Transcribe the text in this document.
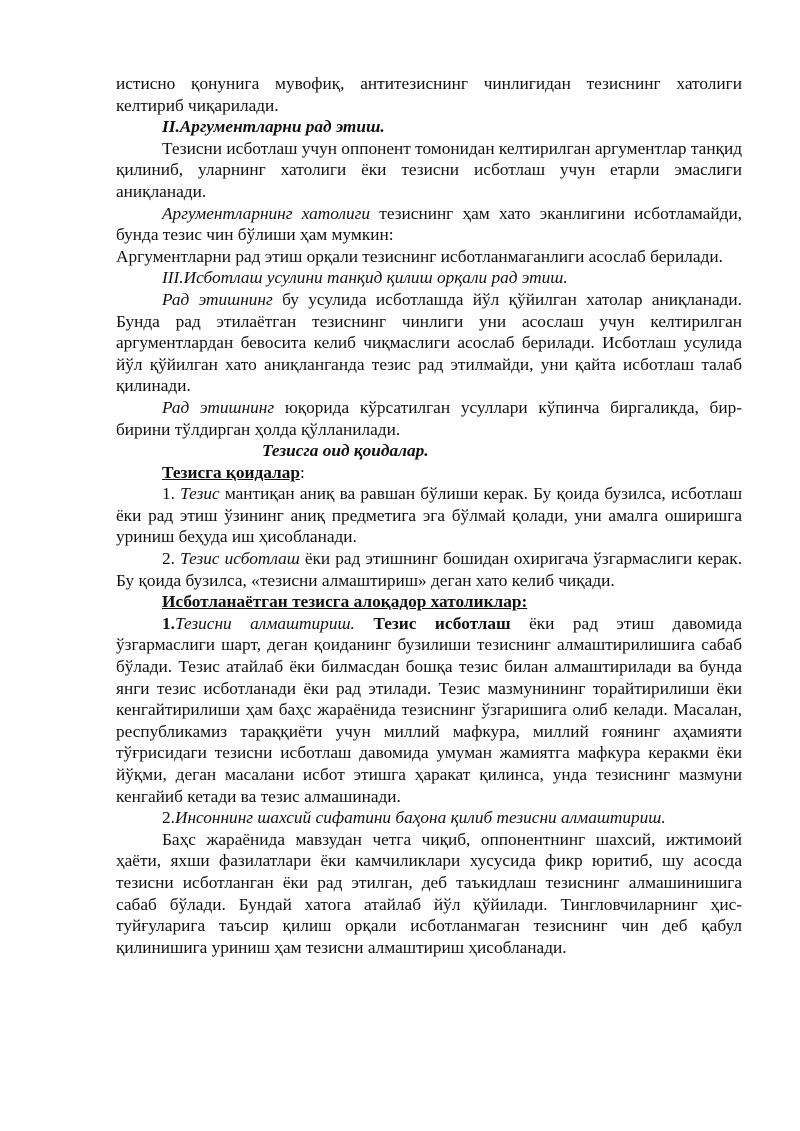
истисно қонунига мувофиқ, антитезиснинг чинлигидан тезиснинг хатолиги келтириб чиқарилади.

II.Аргументларни рад этиш.

Тезисни исботлаш учун оппонент томонидан келтирилган аргументлар танқид қилиниб, уларнинг хатолиги ёки тезисни исботлаш учун етарли эмаслиги аниқланади.

Аргументларнинг хатолиги тезиснинг ҳам хато эканлигини исботламайди, бунда тезис чин бўлиши ҳам мумкин:

Аргументларни рад этиш орқали тезиснинг исботланмаганлиги асослаб берилади.

III.Исботлаш усулини танқид қилиш орқали рад этиш.

Рад этишнинг бу усулида исботлашда йўл қўйилган хатолар аниқланади. Бунда рад этилаётган тезиснинг чинлиги уни асослаш учун келтирилган аргументлардан бевосита келиб чиқмаслиги асослаб берилади. Исботлаш усулида йўл қўйилган хато аниқланганда тезис рад этилмайди, уни қайта исботлаш талаб қилинади.

Рад этишнинг юқорида кўрсатилган усуллари кўпинча биргаликда, бир-бирини тўлдирган ҳолда қўлланилади.

Тезисга оид қоидалар.

Тезисга қоидалар:

1. Тезис мантиқан аниқ ва равшан бўлиши керак. Бу қоида бузилса, исботлаш ёки рад этиш ўзининг аниқ предметига эга бўлмай қолади, уни амалга оширишга уриниш беҳуда иш ҳисобланади.

2. Тезис исботлаш ёки рад этишнинг бошидан охиригача ўзгармаслиги керак. Бу қоида бузилса, «тезисни алмаштириш» деган хато келиб чиқади.

Исботланаётган тезисга алоқадор хатоликлар:

1.Тезисни алмаштириш. Тезис исботлаш ёки рад этиш давомида ўзгармаслиги шарт, деган қоиданинг бузилиши тезиснинг алмаштирилишига сабаб бўлади. Тезис атайлаб ёки билмасдан бошқа тезис билан алмаштирилади ва бунда янги тезис исботланади ёки рад этилади. Тезис мазмунининг торайтирилиши ёки кенгайтирилиши ҳам баҳс жараёнида тезиснинг ўзгаришига олиб келади. Масалан, республикамиз тараққиёти учун миллий мафкура, миллий ғоянинг аҳамияти тўғрисидаги тезисни исботлаш давомида умуман жамиятга мафкура керакми ёки йўқми, деган масалани исбот этишга ҳаракат қилинса, унда тезиснинг мазмуни кенгайиб кетади ва тезис алмашинади.

2.Инсоннинг шахсий сифатини баҳона қилиб тезисни алмаштириш.

Баҳс жараёнида мавзудан четга чиқиб, оппонентнинг шахсий, ижтимоий ҳаёти, яхши фазилатлари ёки камчиликлари хусусида фикр юритиб, шу асосда тезисни исботланган ёки рад этилган, деб таъкидлаш тезиснинг алмашинишига сабаб бўлади. Бундай хатога атайлаб йўл қўйилади. Тингловчиларнинг ҳис-туйғуларига таъсир қилиш орқали исботланмаган тезиснинг чин деб қабул қилинишига уриниш ҳам тезисни алмаштириш ҳисобланади.
